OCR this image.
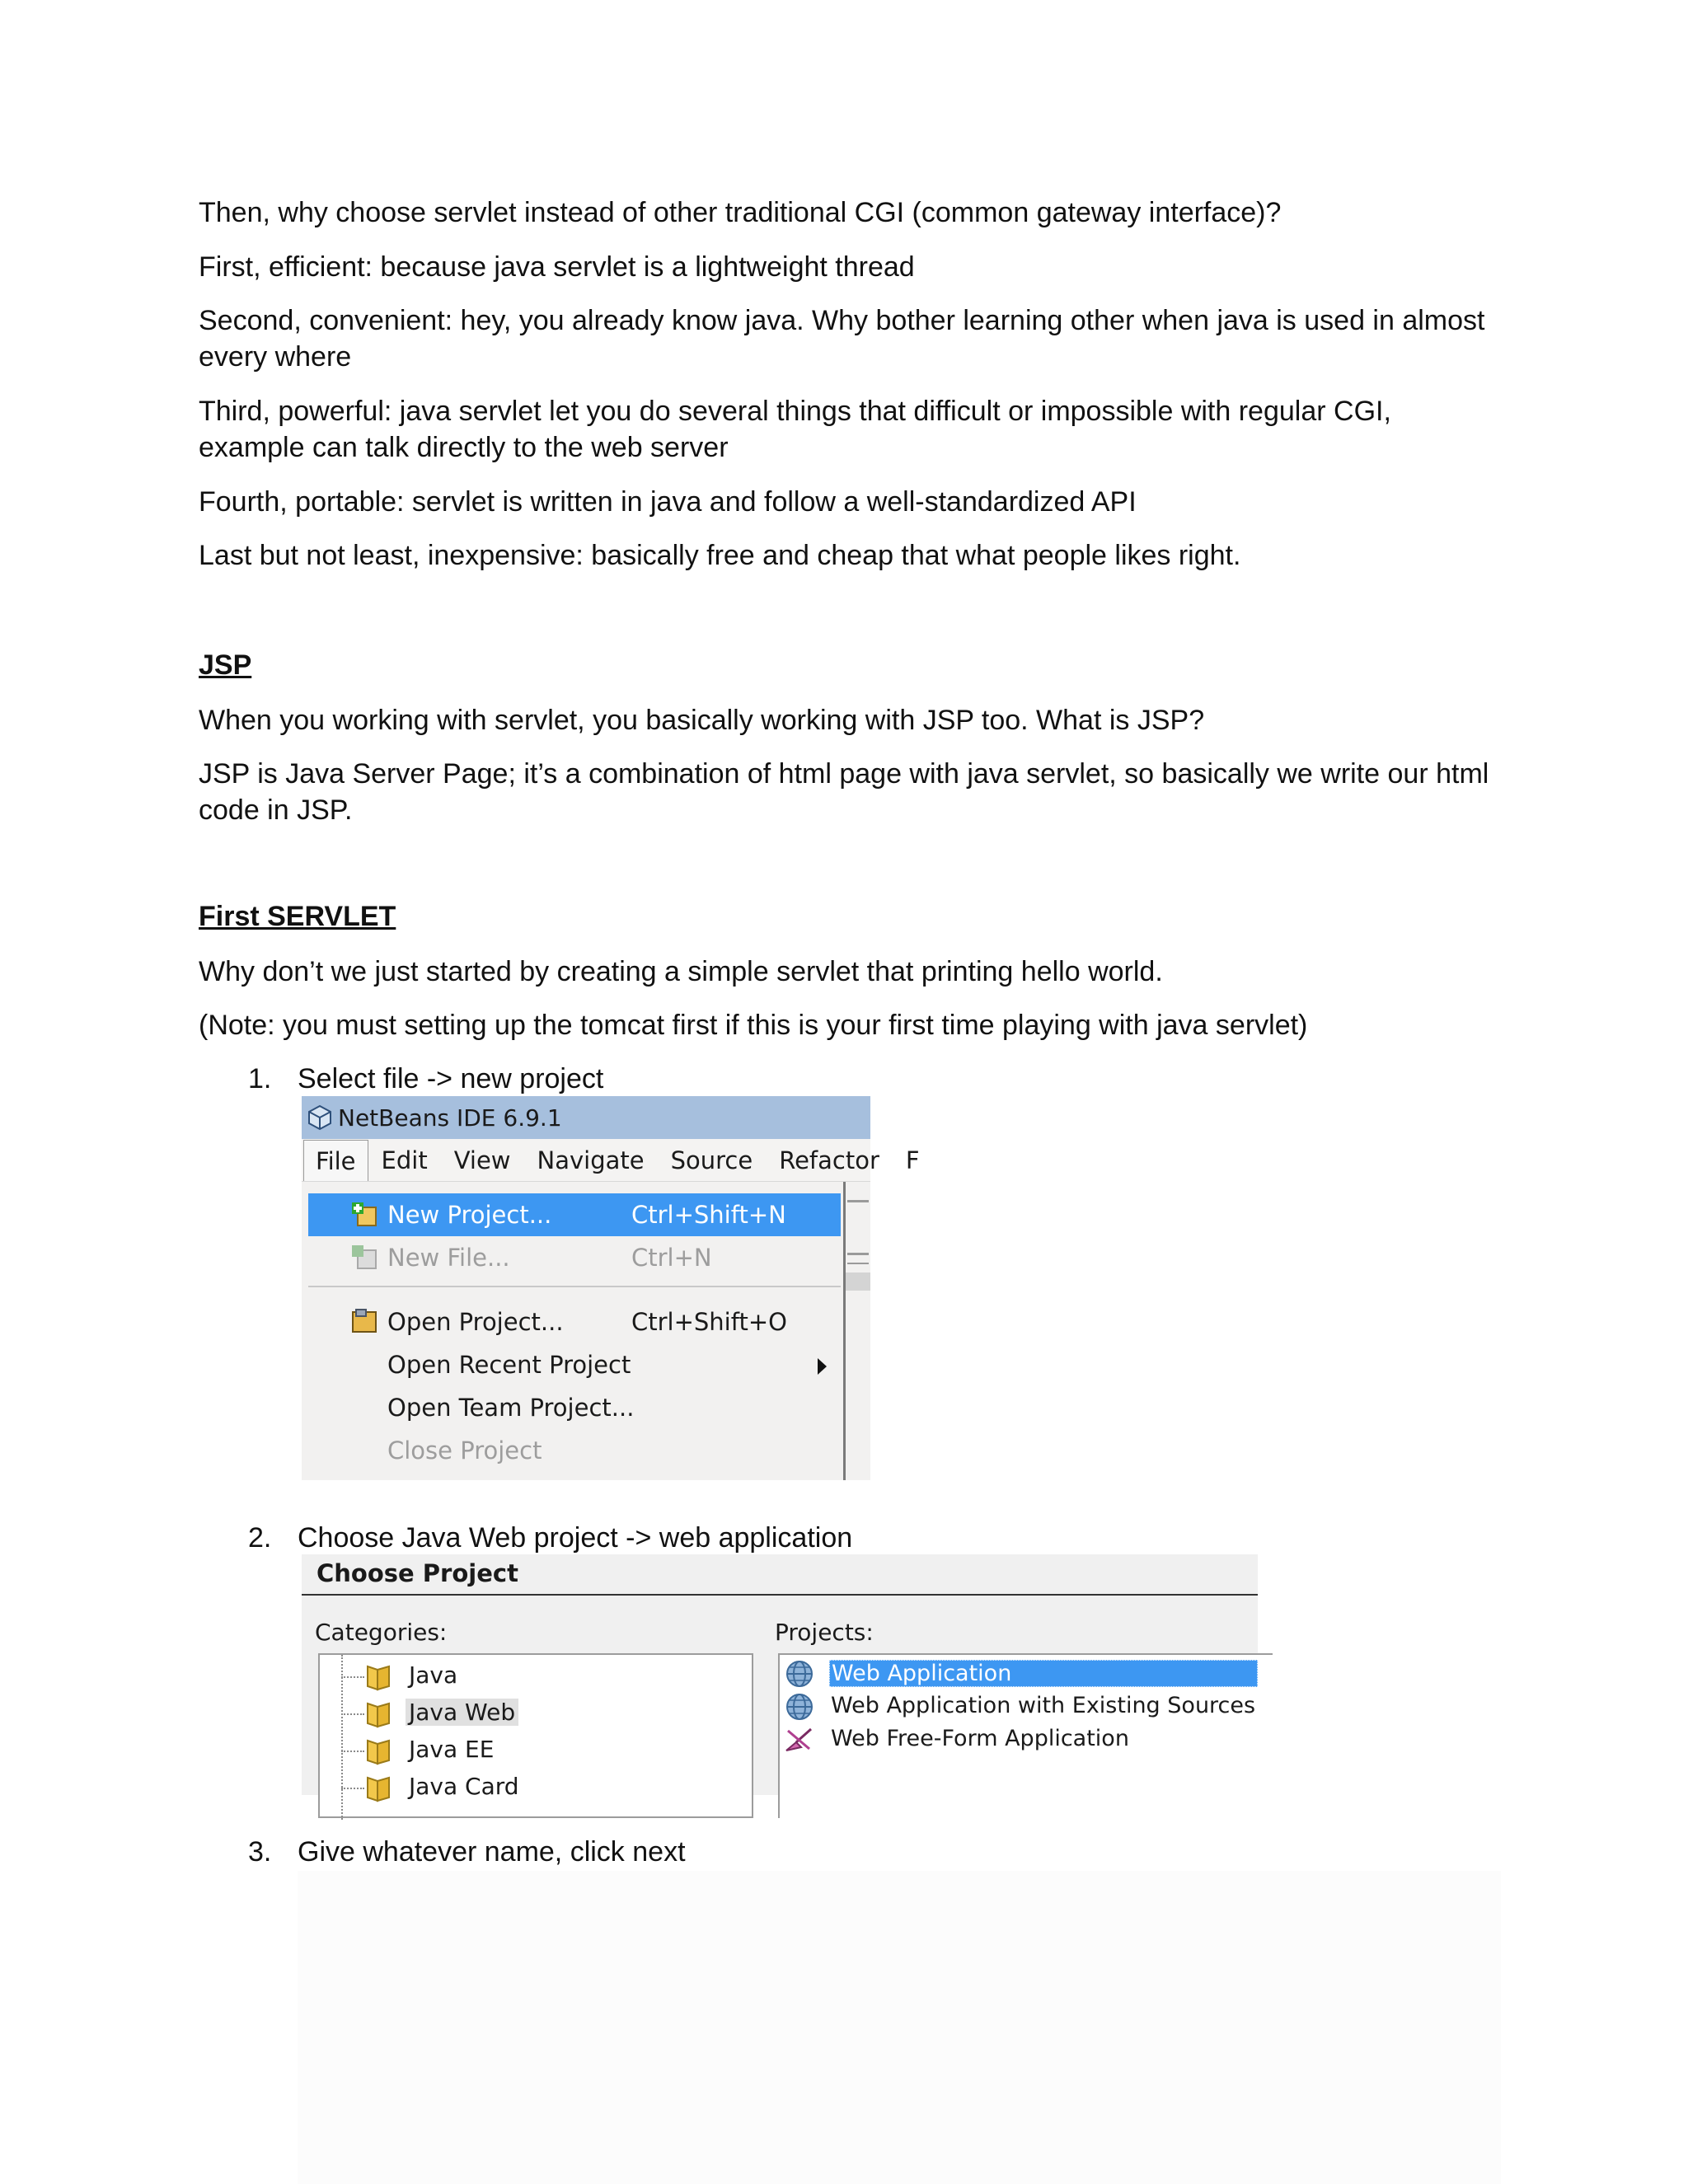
Then, why choose servlet instead of other traditional CGI (common gateway interface)?

First, efficient: because java servlet is a lightweight thread

Second, convenient: hey, you already know java. Why bother learning other when java is used in almost

every where

Third, powerful: java servlet let you do several things that difficult or impossible with regular CGI,

example can talk directly to the web server

Fourth, portable: servlet is written in java and follow a well-standardized API

Last but not least, inexpensive: basically free and cheap that what people likes right.

JSP

When you working with servlet, you basically working with JSP too. What is JSP?

JSP is Java Server Page; it’s a combination of html page with java servlet, so basically we write our html

code in JSP.

First SERVLET

Why don’t we just started by creating a simple servlet that printing hello world.

(Note: you must setting up the tomcat first if this is your first time playing with java servlet)

1. Select file -> new project
NetBeans IDE 6.9.1
File	Edit	View	Navigate	Source	Refactor	F
New Project...	Ctrl+Shift+N
New File...	Ctrl+N
Open Project...	Ctrl+Shift+O
Open Recent Project
Open Team Project...
Close Project
2. Choose Java Web project -> web application
Choose Project
Categories:	Projects:
Java
Java Web
Java EE
Java Card
Web Application
Web Application with Existing Sources
Web Free-Form Application
3. Give whatever name, click next
